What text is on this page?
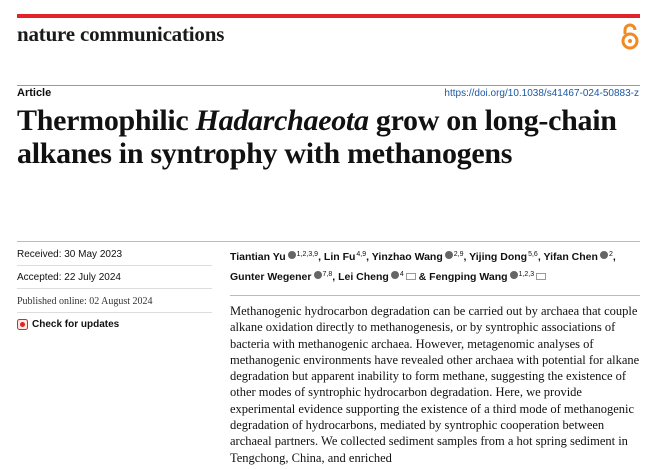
nature communications
Article	https://doi.org/10.1038/s41467-024-50883-z
Thermophilic Hadarchaeota grow on long-chain alkanes in syntrophy with methanogens
Received: 30 May 2023
Accepted: 22 July 2024
Published online: 02 August 2024
Check for updates
Tiantian Yu $^{1,2,3,9}$, Lin Fu$^{4,9}$, Yinzhao Wang $^{2,9}$, Yijing Dong$^{5,6}$, Yifan Chen $^2$, Gunter Wegener $^{7,8}$, Lei Cheng $^4$ & Fengping Wang $^{1,2,3}$

Methanogenic hydrocarbon degradation can be carried out by archaea that couple alkane oxidation directly to methanogenesis, or by syntrophic associations of bacteria with methanogenic archaea. However, metagenomic analyses of methanogenic environments have revealed other archaea with potential for alkane degradation but apparent inability to form methane, suggesting the existence of other modes of syntrophic hydrocarbon degradation. Here, we provide experimental evidence supporting the existence of a third mode of methanogenic degradation of hydrocarbons, mediated by syntrophic cooperation between archaeal partners. We collected sediment samples from a hot spring sediment in Tengchong, China, and enriched
